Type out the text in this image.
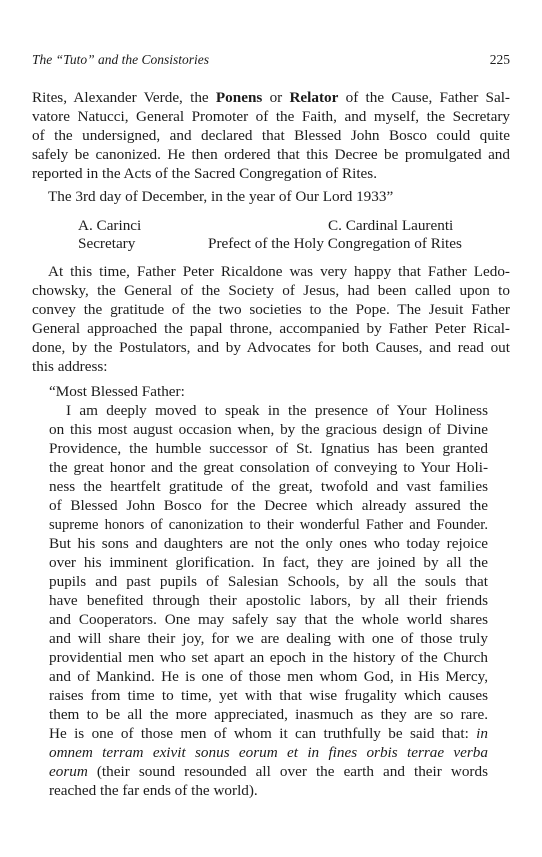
The “Tuto” and the Consistories	225
Rites, Alexander Verde, the Ponens or Relator of the Cause, Father Sal-
vatore Natucci, General Promoter of the Faith, and myself, the Secretary
of the undersigned, and declared that Blessed John Bosco could quite
safely be canonized. He then ordered that this Decree be promulgated and
reported in the Acts of the Sacred Congregation of Rites.
The 3rd day of December, in the year of Our Lord 1933”
A. Carinci	C. Cardinal Laurenti
Secretary	Prefect of the Holy Congregation of Rites
At this time, Father Peter Ricaldone was very happy that Father Ledo-
chowsky, the General of the Society of Jesus, had been called upon to
convey the gratitude of the two societies to the Pope. The Jesuit Father
General approached the papal throne, accompanied by Father Peter Rical-
done, by the Postulators, and by Advocates for both Causes, and read out
this address:
“Most Blessed Father:
I am deeply moved to speak in the presence of Your Holiness
on this most august occasion when, by the gracious design of Divine
Providence, the humble successor of St. Ignatius has been granted
the great honor and the great consolation of conveying to Your Holi-
ness the heartfelt gratitude of the great, twofold and vast families
of Blessed John Bosco for the Decree which already assured the
supreme honors of canonization to their wonderful Father and Founder.
But his sons and daughters are not the only ones who today rejoice
over his imminent glorification. In fact, they are joined by all the
pupils and past pupils of Salesian Schools, by all the souls that
have benefited through their apostolic labors, by all their friends
and Cooperators. One may safely say that the whole world shares
and will share their joy, for we are dealing with one of those truly
providential men who set apart an epoch in the history of the Church
and of Mankind. He is one of those men whom God, in His Mercy,
raises from time to time, yet with that wise frugality which causes
them to be all the more appreciated, inasmuch as they are so rare.
He is one of those men of whom it can truthfully be said that: in
omnem terram exivit sonus eorum et in fines orbis terrae verba
eorum (their sound resounded all over the earth and their words
reached the far ends of the world).
